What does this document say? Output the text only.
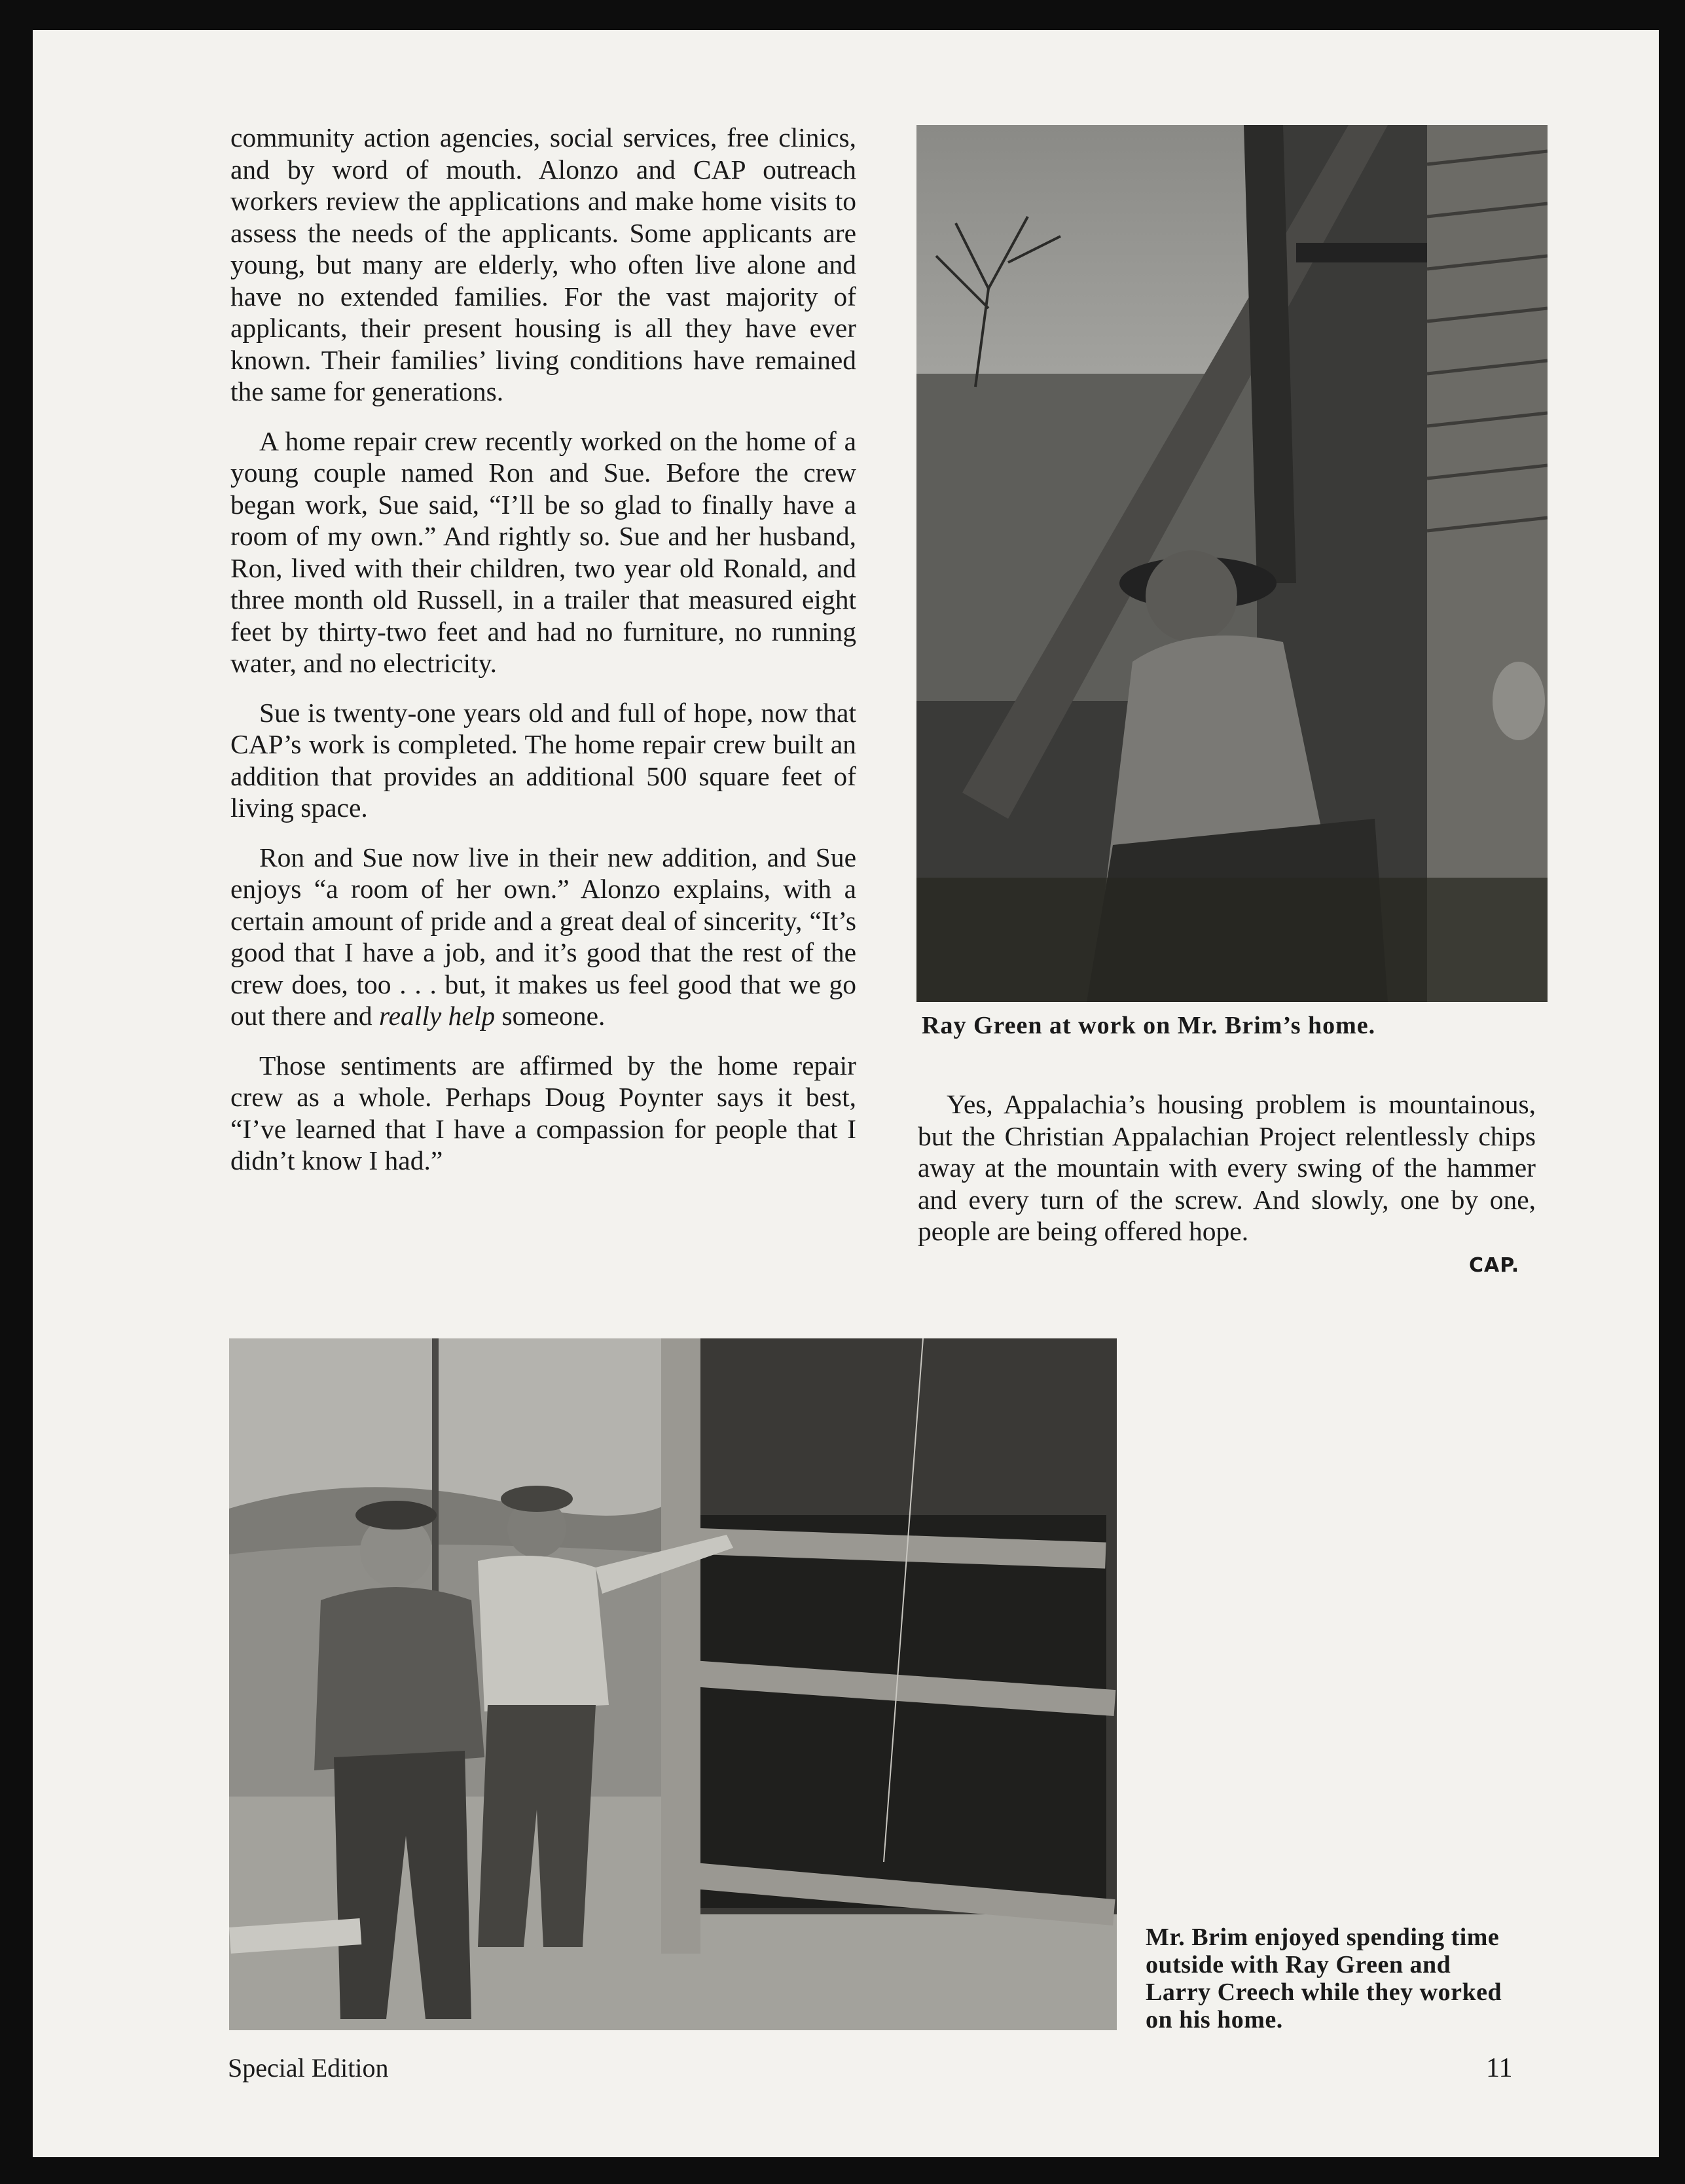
community action agencies, social services, free clinics, and by word of mouth. Alonzo and CAP outreach workers review the applications and make home visits to assess the needs of the applicants. Some applicants are young, but many are elderly, who often live alone and have no extended families. For the vast majority of applicants, their present housing is all they have ever known. Their families’ living conditions have remained the same for generations.

A home repair crew recently worked on the home of a young couple named Ron and Sue. Before the crew began work, Sue said, “I’ll be so glad to finally have a room of my own.” And rightly so. Sue and her husband, Ron, lived with their children, two year old Ronald, and three month old Russell, in a trailer that measured eight feet by thirty-two feet and had no furniture, no running water, and no electricity.

Sue is twenty-one years old and full of hope, now that CAP’s work is completed. The home repair crew built an addition that provides an additional 500 square feet of living space.

Ron and Sue now live in their new addition, and Sue enjoys “a room of her own.” Alonzo explains, with a certain amount of pride and a great deal of sincerity, “It’s good that I have a job, and it’s good that the rest of the crew does, too . . . but, it makes us feel good that we go out there and really help someone.

Those sentiments are affirmed by the home repair crew as a whole. Perhaps Doug Poynter says it best, “I’ve learned that I have a compassion for people that I didn’t know I had.”

Ray Green at work on Mr. Brim’s home.

Yes, Appalachia’s housing problem is mountainous, but the Christian Appalachian Project relentlessly chips away at the mountain with every swing of the hammer and every turn of the screw. And slowly, one by one, people are being offered hope.

CAP.
Mr. Brim enjoyed spending time outside with Ray Green and Larry Creech while they worked on his home.
Special Edition	11
